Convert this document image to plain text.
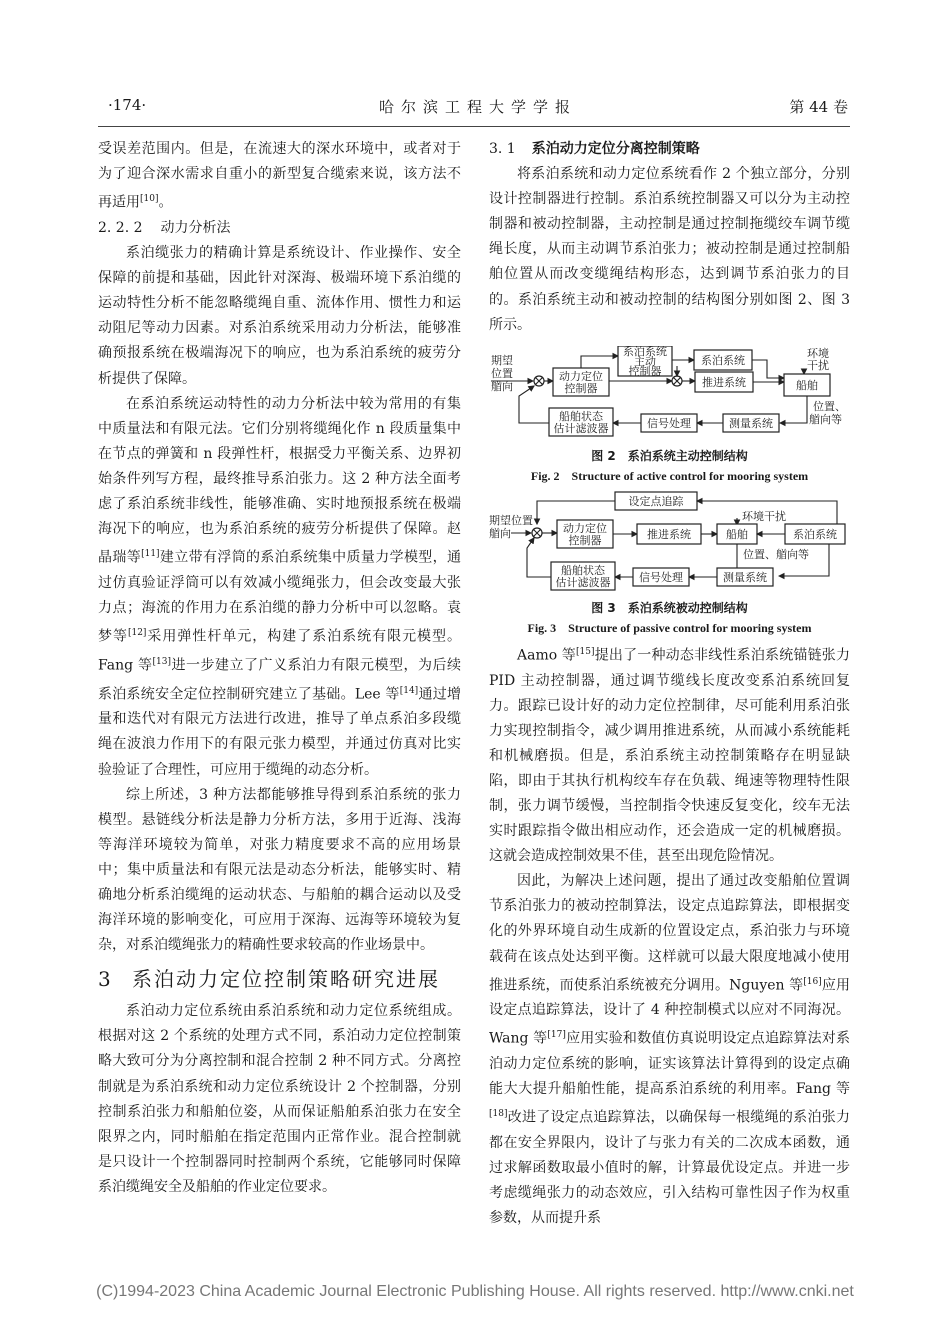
·174·	哈尔滨工程大学学报	第 44 卷

受误差范围内。但是，在流速大的深水环境中，或者对于为了迎合深水需求自重小的新型复合缆索来说，该方法不再适用[10]。

2. 2. 2 动力分析法

系泊缆张力的精确计算是系统设计、作业操作、安全保障的前提和基础，因此针对深海、极端环境下系泊缆的运动特性分析不能忽略缆绳自重、流体作用、惯性力和运动阻尼等动力因素。对系泊系统采用动力分析法，能够准确预报系统在极端海况下的响应，也为系泊系统的疲劳分析提供了保障。

在系泊系统运动特性的动力分析法中较为常用的有集中质量法和有限元法。它们分别将缆绳化作 n 段质量集中在节点的弹簧和 n 段弹性杆，根据受力平衡关系、边界初始条件列写方程，最终推导系泊张力。这 2 种方法全面考虑了系泊系统非线性，能够准确、实时地预报系统在极端海况下的响应，也为系泊系统的疲劳分析提供了保障。赵晶瑞等[11]建立带有浮筒的系泊系统集中质量力学模型，通过仿真验证浮筒可以有效减小缆绳张力，但会改变最大张力点；海流的作用力在系泊缆的静力分析中可以忽略。袁梦等[12]采用弹性杆单元，构建了系泊系统有限元模型。Fang 等[13]进一步建立了广义系泊力有限元模型，为后续系泊系统安全定位控制研究建立了基础。Lee 等[14]通过增量和迭代对有限元方法进行改进，推导了单点系泊多段缆绳在波浪力作用下的有限元张力模型，并通过仿真对比实验验证了合理性，可应用于缆绳的动态分析。

综上所述，3 种方法都能够推导得到系泊系统的张力模型。悬链线分析法是静力分析方法，多用于近海、浅海等海洋环境较为简单，对张力精度要求不高的应用场景中；集中质量法和有限元法是动态分析法，能够实时、精确地分析系泊缆绳的运动状态、与船舶的耦合运动以及受海洋环境的影响变化，可应用于深海、远海等环境较为复杂，对系泊缆绳张力的精确性要求较高的作业场景中。

3 系泊动力定位控制策略研究进展

系泊动力定位系统由系泊系统和动力定位系统组成。根据对这 2 个系统的处理方式不同，系泊动力定位控制策略大致可分为分离控制和混合控制 2 种不同方式。分离控制就是为系泊系统和动力定位系统设计 2 个控制器，分别控制系泊张力和船舶位姿，从而保证船舶系泊张力在安全限界之内，同时船舶在指定范围内正常作业。混合控制就是只设计一个控制器同时控制两个系统，它能够同时保障系泊缆绳安全及船舶的作业定位要求。

3. 1 系泊动力定位分离控制策略

将系泊系统和动力定位系统看作 2 个独立部分，分别设计控制器进行控制。系泊系统控制器又可以分为主动控制器和被动控制器，主动控制是通过控制拖缆绞车调节缆绳长度，从而主动调节系泊张力；被动控制是通过控制船舶位置从而改变缆绳结构形态，达到调节系泊张力的目的。系泊系统主动和被动控制的结构图分别如图 2、图 3 所示。

期望
位置
艏向
动力定位
控制器
系泊系统
主动
控制器
系泊系统
推进系统
环境
干扰
船舶
位置、
艏向等
测量系统
信号处理
船舶状态
估计滤波器
图 2　系泊系统主动控制结构
Fig. 2　Structure of active control for mooring system
设定点追踪
环境干扰
期望位置
艏向	动力定位
控制器	推进系统	船舶	系泊系统
位置、艏向等
测量系统
信号处理
船舶状态
估计滤波器
图 3　系泊系统被动控制结构
Fig. 3　Structure of passive control for mooring system

Aamo 等[15]提出了一种动态非线性系泊系统锚链张力 PID 主动控制器，通过调节缆线长度改变系泊系统回复力。跟踪已设计好的动力定位控制律，尽可能利用系泊张力实现控制指令，减少调用推进系统，从而减小系统能耗和机械磨损。但是，系泊系统主动控制策略存在明显缺陷，即由于其执行机构绞车存在负载、绳速等物理特性限制，张力调节缓慢，当控制指令快速反复变化，绞车无法实时跟踪指令做出相应动作，还会造成一定的机械磨损。这就会造成控制效果不佳，甚至出现危险情况。

因此，为解决上述问题，提出了通过改变船舶位置调节系泊张力的被动控制算法，设定点追踪算法，即根据变化的外界环境自动生成新的位置设定点，系泊张力与环境载荷在该点处达到平衡。这样就可以最大限度地减小使用推进系统，而使系泊系统被充分调用。Nguyen 等[16]应用设定点追踪算法，设计了 4 种控制模式以应对不同海况。Wang 等[17]应用实验和数值仿真说明设定点追踪算法对系泊动力定位系统的影响，证实该算法计算得到的设定点确能大大提升船舶性能，提高系泊系统的利用率。Fang 等[18]改进了设定点追踪算法，以确保每一根缆绳的系泊张力都在安全界限内，设计了与张力有关的二次成本函数，通过求解函数取最小值时的解，计算最优设定点。并进一步考虑缆绳张力的动态效应，引入结构可靠性因子作为权重参数，从而提升系

(C)1994-2023 China Academic Journal Electronic Publishing House. All rights reserved. http://www.cnki.net
